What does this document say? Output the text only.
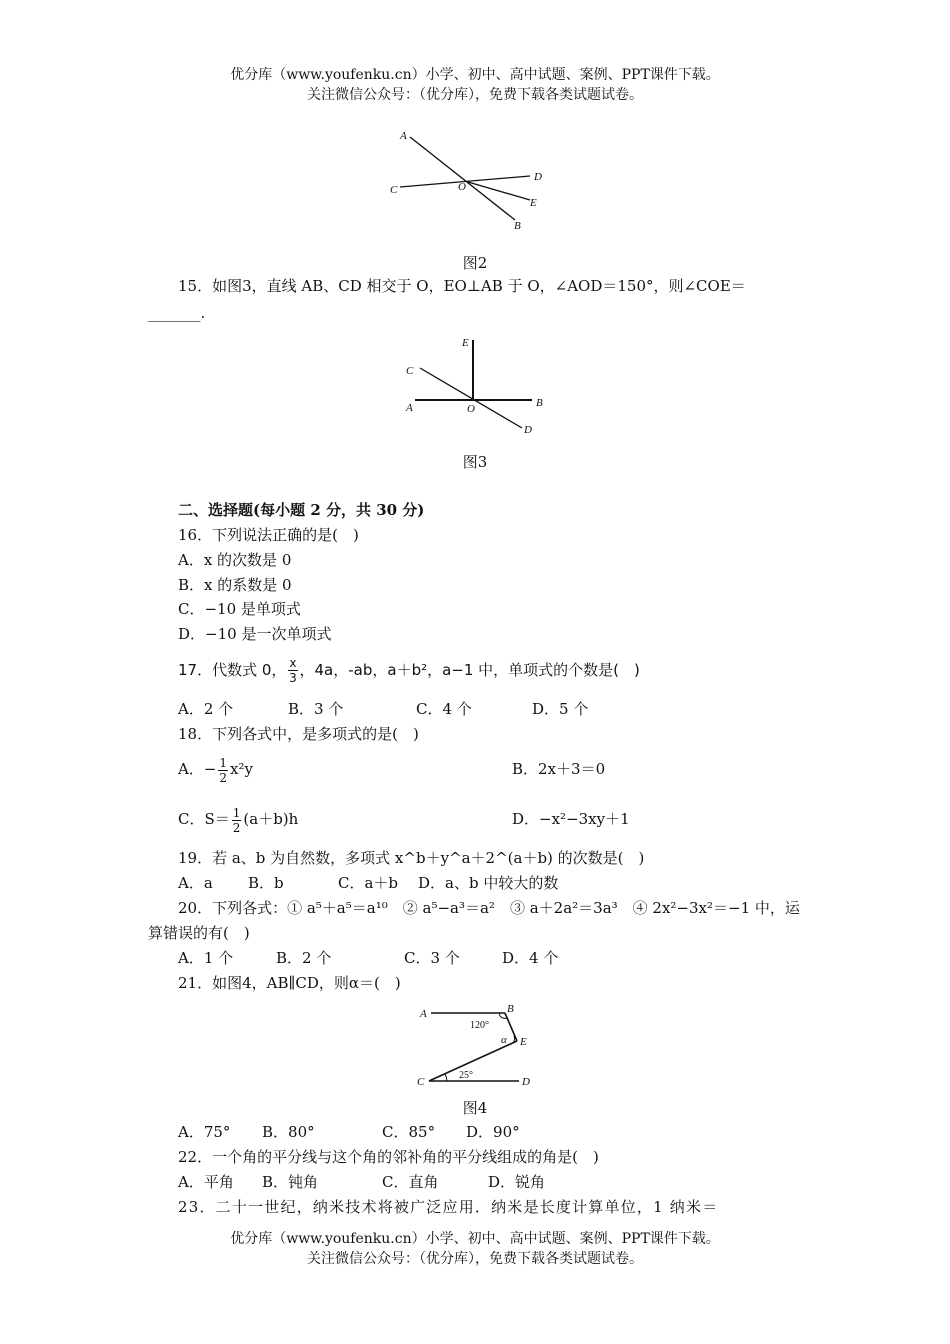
优分库（www.youfenku.cn）小学、初中、高中试题、案例、PPT课件下载。
关注微信公众号：（优分库），免费下载各类试题试卷。
A
C	O
D
E
B
图2
15．如图3，直线 AB、CD 相交于 O，EO⊥AB 于 O，∠AOD＝150°，则∠COE＝
_______.
E
C
A	O	B
D
图3
二、选择题(每小题 2 分，共 30 分)
16．下列说法正确的是(　)
A．x 的次数是 0
B．x 的系数是 0
C．−10 是单项式
D．−10 是一次单项式
17．代数式 0， $\frac{x}{3}$ ，4a，-ab，a＋b²，a−1 中，单项式的个数是(　)
A．2 个	B．3 个	C．4 个	D．5 个
18．下列各式中，是多项式的是(　)
A．− $\frac{1}{2} x^2y$	B．2x＋3＝0
C．$S= \frac{1}{2} (a+b)h$	D．−x²−3xy＋1
19．若 a、b 为自然数，多项式 x^b＋y^a＋2^(a＋b) 的次数是(　)
A．a B．b	C．a＋b D．a、b 中较大的数
20．下列各式：① a⁵＋a⁵＝a¹⁰　② a⁵−a³＝a²　③ a＋2a²＝3a³　④ 2x²−3x²＝−1 中，运
算错误的有(　)
A．1 个	B．2 个	C．3 个	D．4 个
21．如图4，AB∥CD，则α＝(　)
A	B
120°
α E
25°
C	D
图4
A．75° B．80°	C．85° D．90°
22．一个角的平分线与这个角的邻补角的平分线组成的角是(　)
A．平角 B．钝角	C．直角	D．锐角
23．二十一世纪，纳米技术将被广泛应用．纳米是长度计算单位，1 纳米＝
优分库（www.youfenku.cn）小学、初中、高中试题、案例、PPT课件下载。
关注微信公众号：（优分库），免费下载各类试题试卷。
